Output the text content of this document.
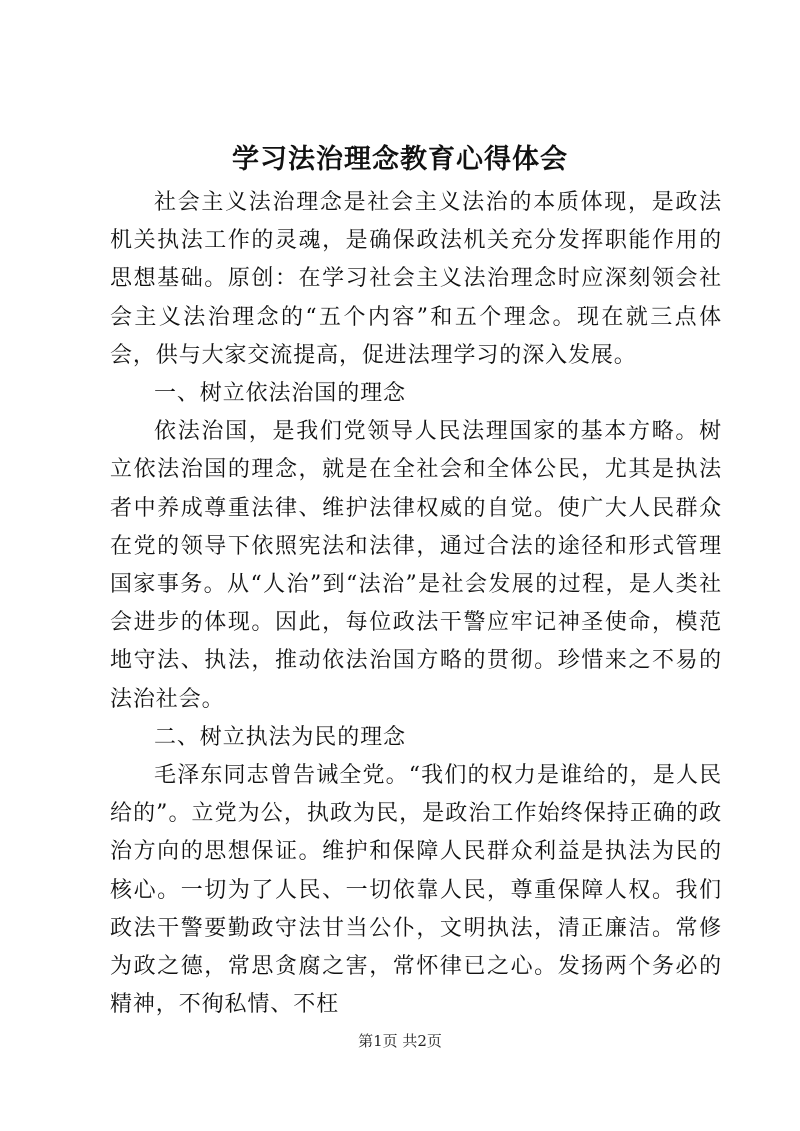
学习法治理念教育心得体会

社会主义法治理念是社会主义法治的本质体现，是政法机关执法工作的灵魂，是确保政法机关充分发挥职能作用的思想基础。原创：在学习社会主义法治理念时应深刻领会社会主义法治理念的“五个内容”和五个理念。现在就三点体会，供与大家交流提高，促进法理学习的深入发展。

一、树立依法治国的理念

依法治国，是我们党领导人民法理国家的基本方略。树立依法治国的理念，就是在全社会和全体公民，尤其是执法者中养成尊重法律、维护法律权威的自觉。使广大人民群众在党的领导下依照宪法和法律，通过合法的途径和形式管理国家事务。从“人治”到“法治”是社会发展的过程，是人类社会进步的体现。因此，每位政法干警应牢记神圣使命，模范地守法、执法，推动依法治国方略的贯彻。珍惜来之不易的法治社会。

二、树立执法为民的理念

毛泽东同志曾告诫全党。“我们的权力是谁给的，是人民给的”。立党为公，执政为民，是政治工作始终保持正确的政治方向的思想保证。维护和保障人民群众利益是执法为民的核心。一切为了人民、一切依靠人民，尊重保障人权。我们政法干警要勤政守法甘当公仆，文明执法，清正廉洁。常修为政之德，常思贪腐之害，常怀律已之心。发扬两个务必的精神，不徇私情、不枉

第1页 共2页
